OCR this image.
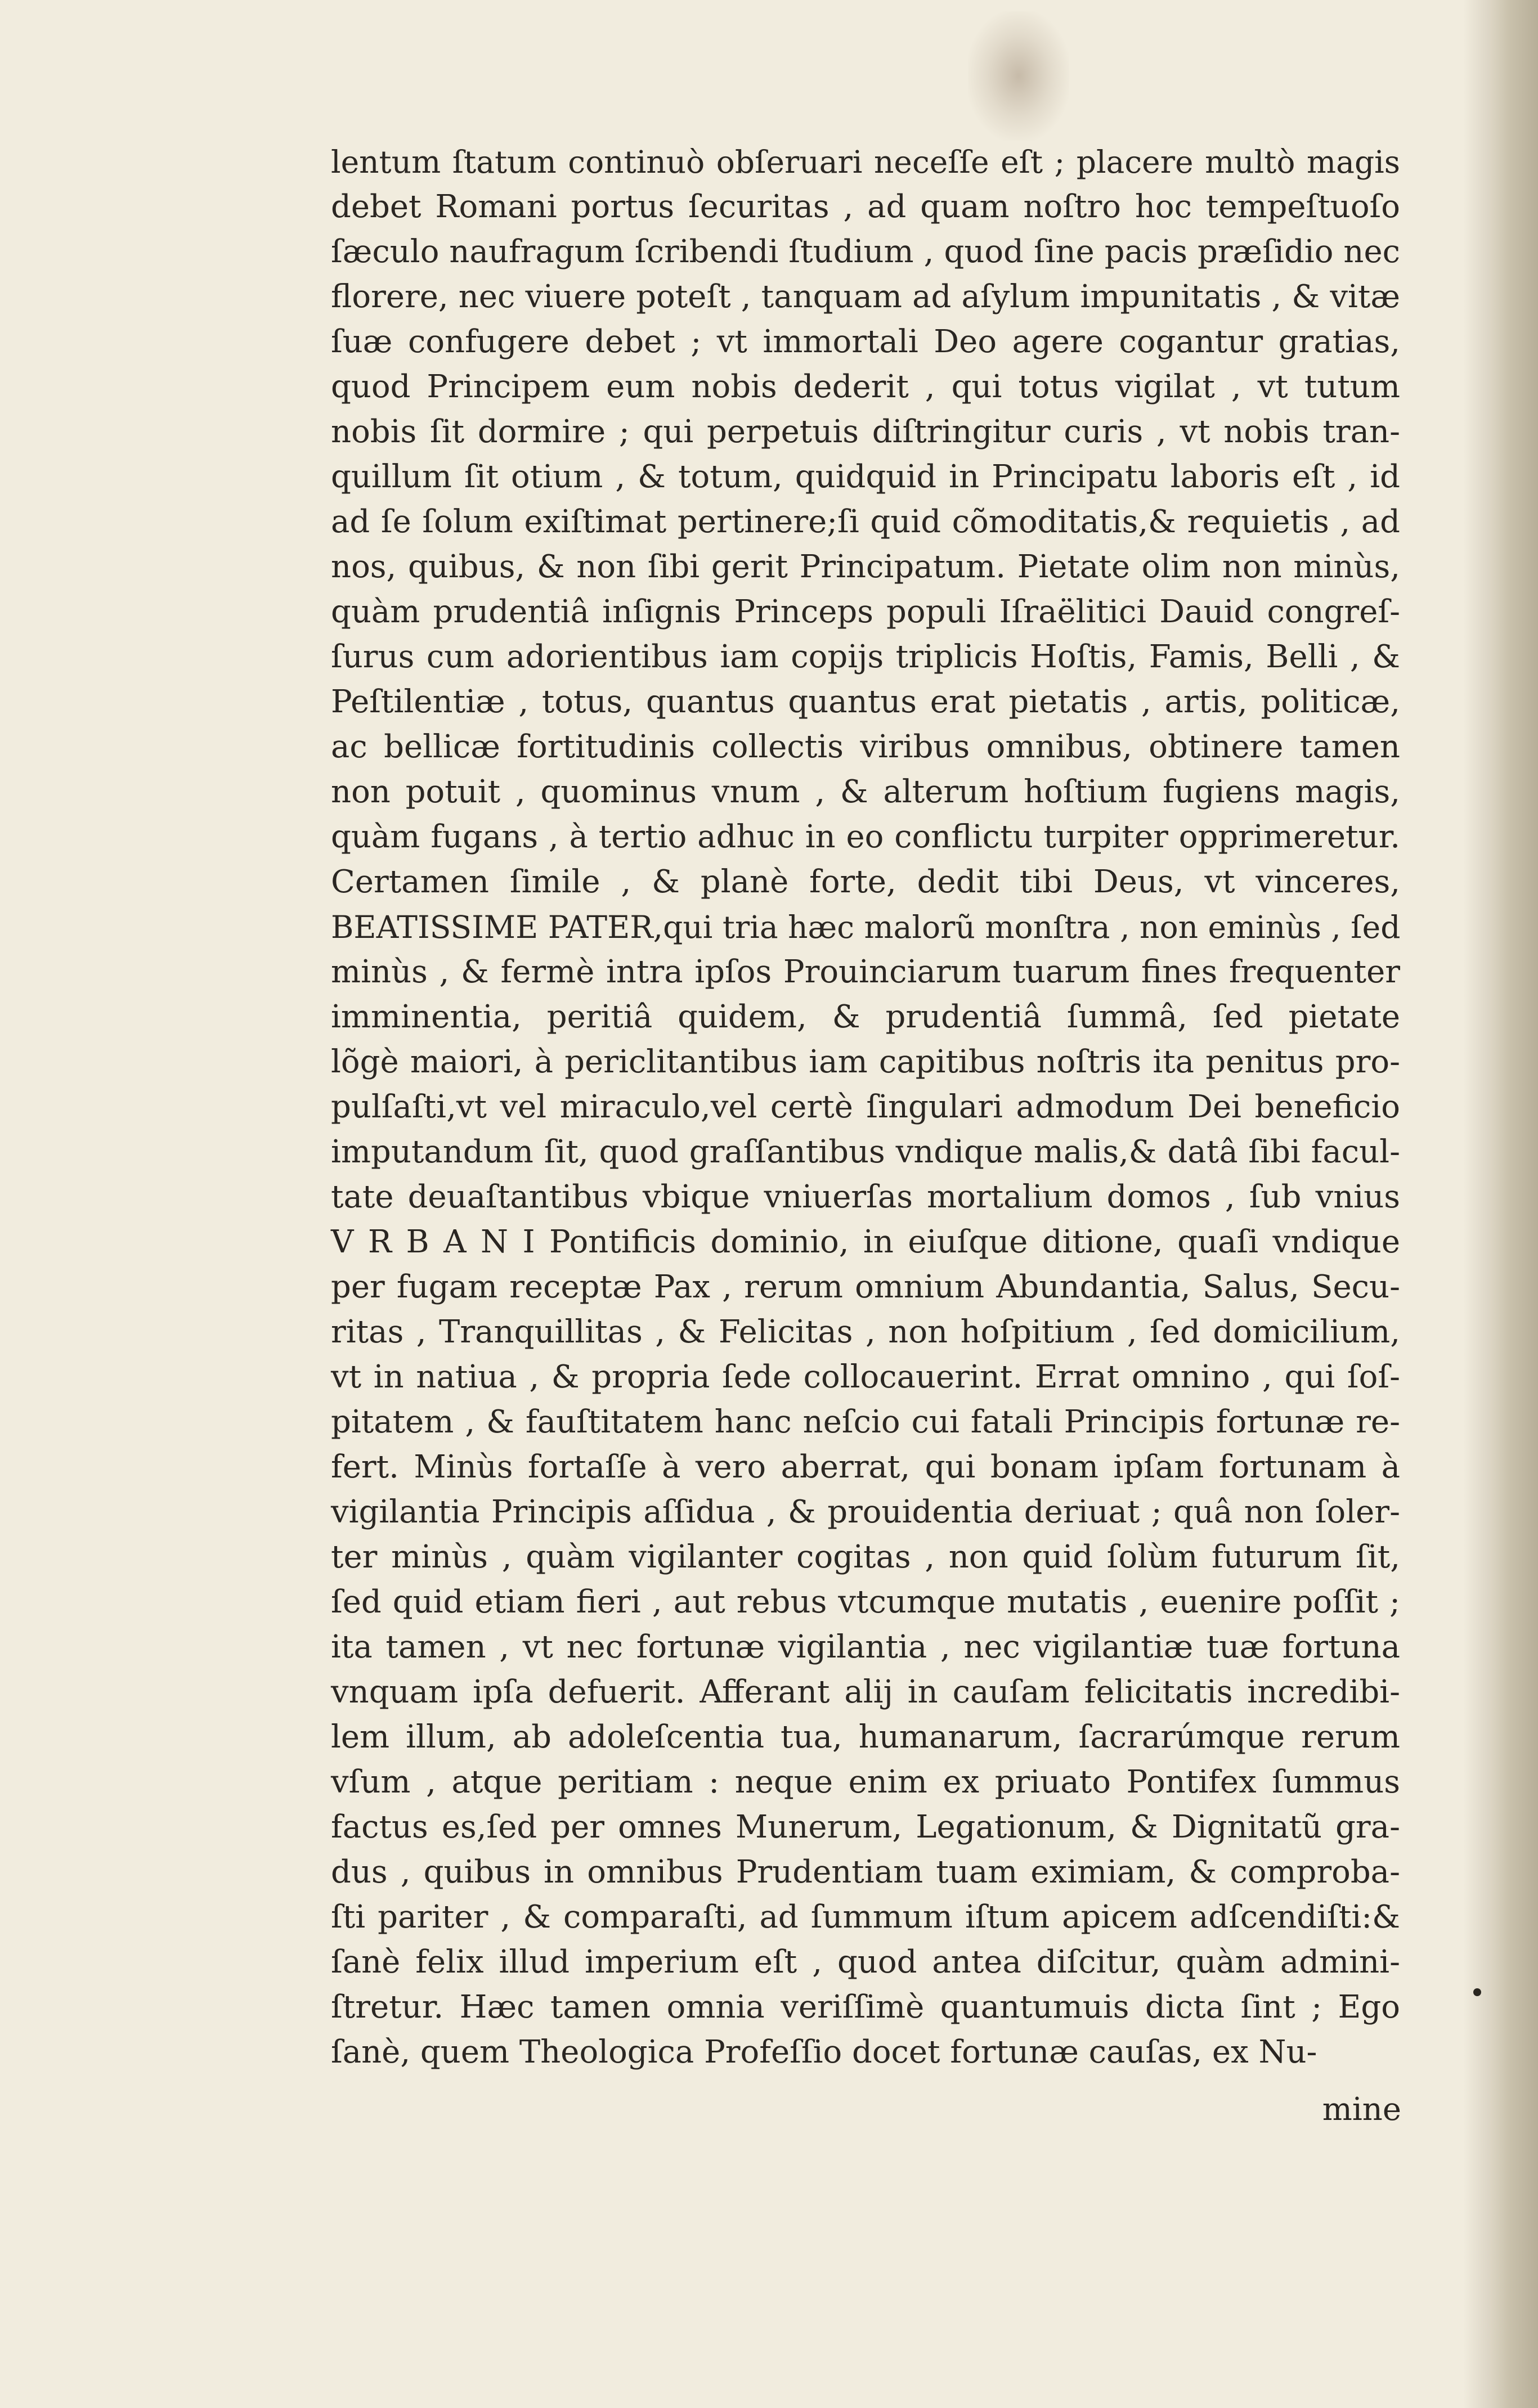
lentum ſtatum continuò obſeruari neceſſe eſt ; placere multò magis
debet Romani portus ſecuritas , ad quam noſtro hoc tempeſtuoſo
ſæculo naufragum ſcribendi ſtudium , quod ſine pacis præſidio nec
florere, nec viuere poteſt , tanquam ad aſylum impunitatis , & vitæ
ſuæ confugere debet ; vt immortali Deo agere cogantur gratias,
quod Principem eum nobis dederit , qui totus vigilat , vt tutum
nobis ſit dormire ; qui perpetuis diſtringitur curis , vt nobis tran-
quillum ſit otium , & totum, quidquid in Principatu laboris eſt , id
ad ſe ſolum exiſtimat pertinere;ſi quid cõmoditatis,& requietis , ad
nos, quibus, & non ſibi gerit Principatum. Pietate olim non minùs,
quàm prudentiâ inſignis Princeps populi Iſraëlitici Dauid congreſ-
ſurus cum adorientibus iam copijs triplicis Hoſtis, Famis, Belli , &
Peſtilentiæ , totus, quantus quantus erat pietatis , artis, politicæ,
ac bellicæ fortitudinis collectis viribus omnibus, obtinere tamen
non potuit , quominus vnum , & alterum hoſtium fugiens magis,
quàm fugans , à tertio adhuc in eo conflictu turpiter opprimeretur.
Certamen ſimile , & planè forte, dedit tibi Deus, vt vinceres,
BEATISSIME PATER,qui tria hæc malorũ monſtra , non eminùs , ſed
minùs , & fermè intra ipſos Prouinciarum tuarum fines frequenter
imminentia, peritiâ quidem, & prudentiâ ſummâ, ſed pietate
lõgè maiori, à periclitantibus iam capitibus noſtris ita penitus pro-
pulſaſti,vt vel miraculo,vel certè ſingulari admodum Dei beneficio
imputandum ſit, quod graſſantibus vndique malis,& datâ ſibi facul-
tate deuaſtantibus vbique vniuerſas mortalium domos , ſub vnius
V R B A N I Pontificis dominio, in eiuſque ditione, quaſi vndique
per fugam receptæ Pax , rerum omnium Abundantia, Salus, Secu-
ritas , Tranquillitas , & Felicitas , non hoſpitium , ſed domicilium,
vt in natiua , & propria ſede collocauerint. Errat omnino , qui ſoſ-
pitatem , & fauſtitatem hanc neſcio cui fatali Principis fortunæ re-
fert. Minùs fortaſſe à vero aberrat, qui bonam ipſam fortunam à
vigilantia Principis aſſidua , & prouidentia deriuat ; quâ non ſoler-
ter minùs , quàm vigilanter cogitas , non quid ſolùm futurum ſit,
ſed quid etiam fieri , aut rebus vtcumque mutatis , euenire poſſit ;
ita tamen , vt nec fortunæ vigilantia , nec vigilantiæ tuæ fortuna
vnquam ipſa defuerit. Afferant alij in cauſam felicitatis incredibi-
lem illum, ab adoleſcentia tua, humanarum, ſacrarúmque rerum
vſum , atque peritiam : neque enim ex priuato Pontifex ſummus
factus es,ſed per omnes Munerum, Legationum, & Dignitatũ gra-
dus , quibus in omnibus Prudentiam tuam eximiam, & comproba-
ſti pariter , & comparaſti, ad ſummum iſtum apicem adſcendiſti:&
ſanè felix illud imperium eſt , quod antea diſcitur, quàm admini-
ſtretur. Hæc tamen omnia veriſſimè quantumuis dicta ſint ; Ego
ſanè, quem Theologica Profeſſio docet fortunæ cauſas, ex Nu-
mine
